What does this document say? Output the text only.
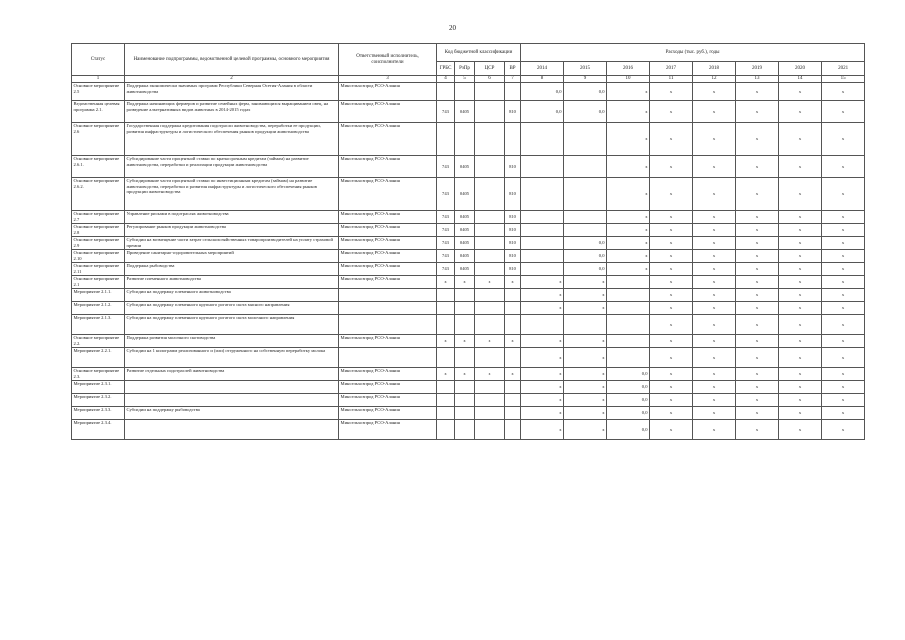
20
Статус	Наименование подпрограммы, ведомственной целевой программы, основного мероприятия	Ответственный исполнитель, соисполнители	Код бюджетной классификации				Расходы (тыс. руб.), годы							
			ГРБС	РзПр	ЦСР	ВР	2014	2015	2016	2017	2018	2019	2020	2021
1	2	3	4	5	6	7	8	9	10	11	12	13	14	15
Основное мероприятие 2.5	Поддержка экономически значимых программ Республики Северная Осетия-Алания в области животноводства	Минсельхозпрод РСО-Алания					0,0	0,0	х	х	х	х	х	х
Ведомственная целевая программа 2.1.	Поддержка начинающих фермеров и развитие семейных ферм, занимающихся выращиванием овец, на разведение альтернативных видов животных в 2014-2015 годах	Минсельхозпрод РСО-Алания	743	0405		810	0,0	0,0	х	х	х	х	х	х
Основное мероприятие 2.6	Государственная поддержка кредитования подотрасли животноводства, переработки ее продукции, развития инфраструктуры и логистического обеспечения рынков продукции животноводства	Минсельхозпрод РСО-Алания							х	х	х	х	х	х
Основное мероприятие 2.6.1.	Субсидирование части процентной ставки по краткосрочным кредитам (займам) на развитие животноводства, переработки и реализации продукции животноводства	Минсельхозпрод РСО-Алания	743	0405		810			х	х	х	х	х	х
Основное мероприятие 2.6.2.	Субсидирование части процентной ставки по инвестиционным кредитам (займам) на развитие животноводства, переработки и развития инфраструктуры и логистического обеспечения рынков продукции животноводства	Минсельхозпрод РСО-Алания	743	0405		810			х	х	х	х	х	х
Основное мероприятие 2.7	Управление рисками в подотраслях животноводства	Минсельхозпрод РСО-Алания	743	0405		810			х	х	х	х	х	х
Основное мероприятие 2.8	Регулирование рынков продукции животноводства	Минсельхозпрод РСО-Алания	743	0405		810			х	х	х	х	х	х
Основное мероприятие 2.9	Субсидии на возмещение части затрат сельскохозяйственных товаропроизводителей на уплату страховой премии	Минсельхозпрод РСО-Алания	743	0405		810		0,0	х	х	х	х	х	х
Основное мероприятие 2.10	Проведение санитарно-оздоровительных мероприятий	Минсельхозпрод РСО-Алания	743	0405		810		0,0	х	х	х	х	х	х
Основное мероприятие 2.11	Поддержка рыбоводства	Минсельхозпрод РСО-Алания	743	0405		810		0,0	х	х	х	х	х	х
Основное мероприятие 2.1	Развитие племенного животноводства	Минсельхозпрод РСО-Алания	х	х	х	х	х	х		х	х	х	х	х
Мероприятие 2.1.1.	Субсидии на поддержку племенного животноводства						х	х		х	х	х	х	х
Мероприятие 2.1.2.	Субсидии на поддержку племенного крупного рогатого скота мясного направления						х	х		х	х	х	х	х
Мероприятие 2.1.3.	Субсидии на поддержку племенного крупного рогатого скота молочного направления									х	х	х	х	х
Основное мероприятие 2.2.	Поддержка развития молочного скотоводства	Минсельхозпрод РСО-Алания	х	х	х	х	х	х		х	х	х	х	х
Мероприятие 2.2.1.	Субсидии на 1 килограмм реализованного и (или) отгруженного на собственную переработку молока						х	х		х	х	х	х	х
Основное мероприятие 2.3.	Развитие отдельных подотраслей животноводства	Минсельхозпрод РСО-Алания	х	х	х	х	х	х	0,0	х	х	х	х	х
Мероприятие 2.3.1.		Минсельхозпрод РСО-Алания					х	х	0,0	х	х	х	х	х
Мероприятие 2.3.2.		Минсельхозпрод РСО-Алания					х	х	0,0	х	х	х	х	х
Мероприятие 2.3.3.	Субсидии на поддержку рыбоводства	Минсельхозпрод РСО-Алания					х	х	0,0	х	х	х	х	х
Мероприятие 2.3.4.		Минсельхозпрод РСО-Алания					х	х	0,0	х	х	х	х	х
